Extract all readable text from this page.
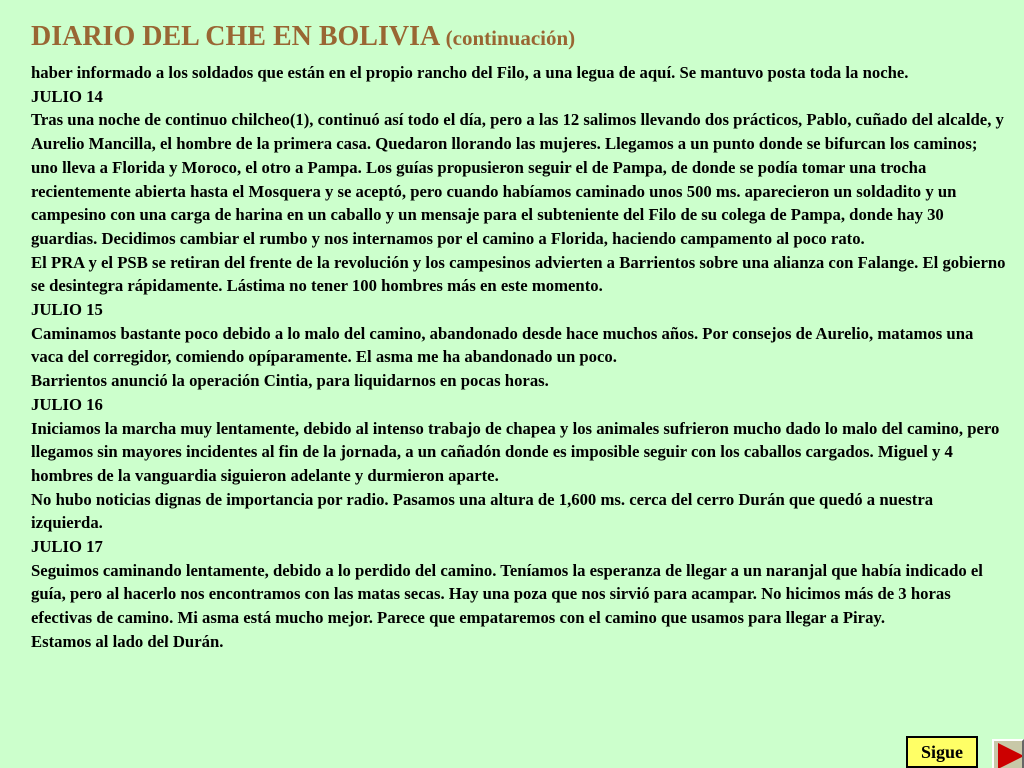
DIARIO DEL CHE EN BOLIVIA (continuación)

haber informado a los soldados que están en el propio rancho del Filo, a una legua de aquí. Se mantuvo posta toda la noche.

JULIO 14

Tras una noche de continuo chilcheo(1), continuó así todo el día, pero a las 12 salimos llevando dos prácticos, Pablo, cuñado del alcalde, y Aurelio Mancilla, el hombre de la primera casa. Quedaron llorando las mujeres. Llegamos a un punto donde se bifurcan los caminos; uno lleva a Florida y Moroco, el otro a Pampa. Los guías propusieron seguir el de Pampa, de donde se podía tomar una trocha recientemente abierta hasta el Mosquera y se aceptó, pero cuando habíamos caminado unos 500 ms. aparecieron un soldadito y un campesino con una carga de harina en un caballo y un mensaje para el subteniente del Filo de su colega de Pampa, donde hay 30 guardias. Decidimos cambiar el rumbo y nos internamos por el camino a Florida, haciendo campamento al poco rato.

El PRA y el PSB se retiran del frente de la revolución y los campesinos advierten a Barrientos sobre una alianza con Falange. El gobierno se desintegra rápidamente. Lástima no tener 100 hombres más en este momento.

JULIO 15

Caminamos bastante poco debido a lo malo del camino, abandonado desde hace muchos años. Por consejos de Aurelio, matamos una vaca del corregidor, comiendo opíparamente. El asma me ha abandonado un poco.

Barrientos anunció la operación Cintia, para liquidarnos en pocas horas.

JULIO 16

Iniciamos la marcha muy lentamente, debido al intenso trabajo de chapea y los animales sufrieron mucho dado lo malo del camino, pero llegamos sin mayores incidentes al fin de la jornada, a un cañadón donde es imposible seguir con los caballos cargados. Miguel y 4 hombres de la vanguardia siguieron adelante y durmieron aparte.

No hubo noticias dignas de importancia por radio. Pasamos una altura de 1,600 ms. cerca del cerro Durán que quedó a nuestra izquierda.

JULIO 17

Seguimos caminando lentamente, debido a lo perdido del camino. Teníamos la esperanza de llegar a un naranjal que había indicado el guía, pero al hacerlo nos encontramos con las matas secas. Hay una poza que nos sirvió para acampar. No hicimos más de 3 horas efectivas de camino. Mi asma está mucho mejor. Parece que empataremos con el camino que usamos para llegar a Piray.

Estamos al lado del Durán.

Sigue
